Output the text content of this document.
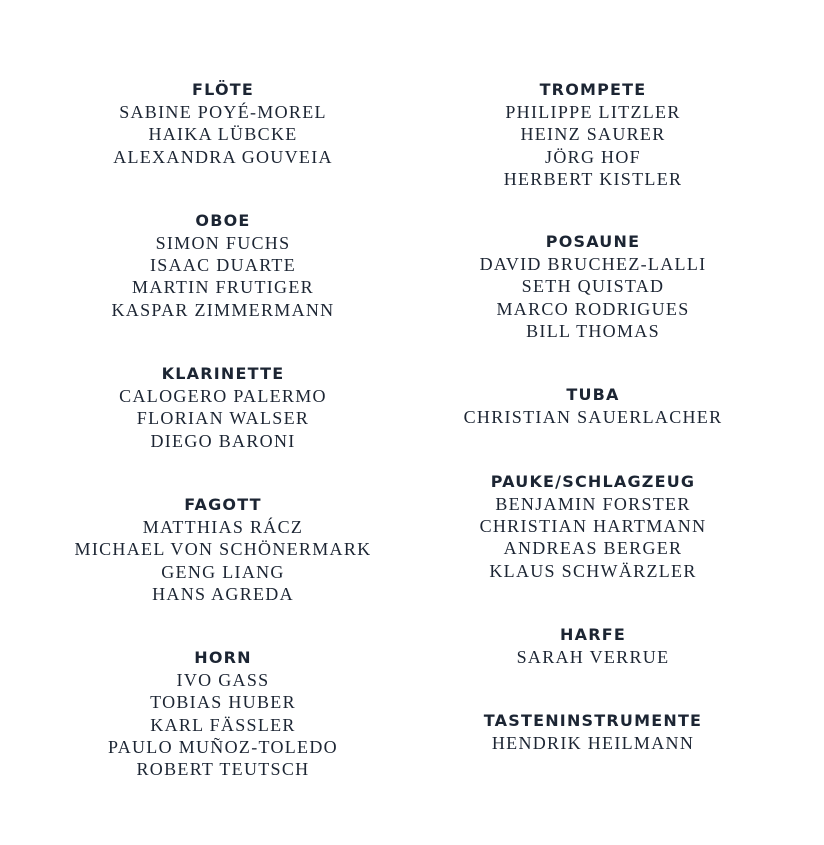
FLÖTE
SABINE POYÉ-MOREL
HAIKA LÜBCKE
ALEXANDRA GOUVEIA
OBOE
SIMON FUCHS
ISAAC DUARTE
MARTIN FRUTIGER
KASPAR ZIMMERMANN
KLARINETTE
CALOGERO PALERMO
FLORIAN WALSER
DIEGO BARONI
FAGOTT
MATTHIAS RÁCZ
MICHAEL VON SCHÖNERMARK
GENG LIANG
HANS AGREDA
HORN
IVO GASS
TOBIAS HUBER
KARL FÄSSLER
PAULO MUÑOZ-TOLEDO
ROBERT TEUTSCH
TROMPETE
PHILIPPE LITZLER
HEINZ SAURER
JÖRG HOF
HERBERT KISTLER
POSAUNE
DAVID BRUCHEZ-LALLI
SETH QUISTAD
MARCO RODRIGUES
BILL THOMAS
TUBA
CHRISTIAN SAUERLACHER
PAUKE/SCHLAGZEUG
BENJAMIN FORSTER
CHRISTIAN HARTMANN
ANDREAS BERGER
KLAUS SCHWÄRZLER
HARFE
SARAH VERRUE
TASTENINSTRUMENTE
HENDRIK HEILMANN
